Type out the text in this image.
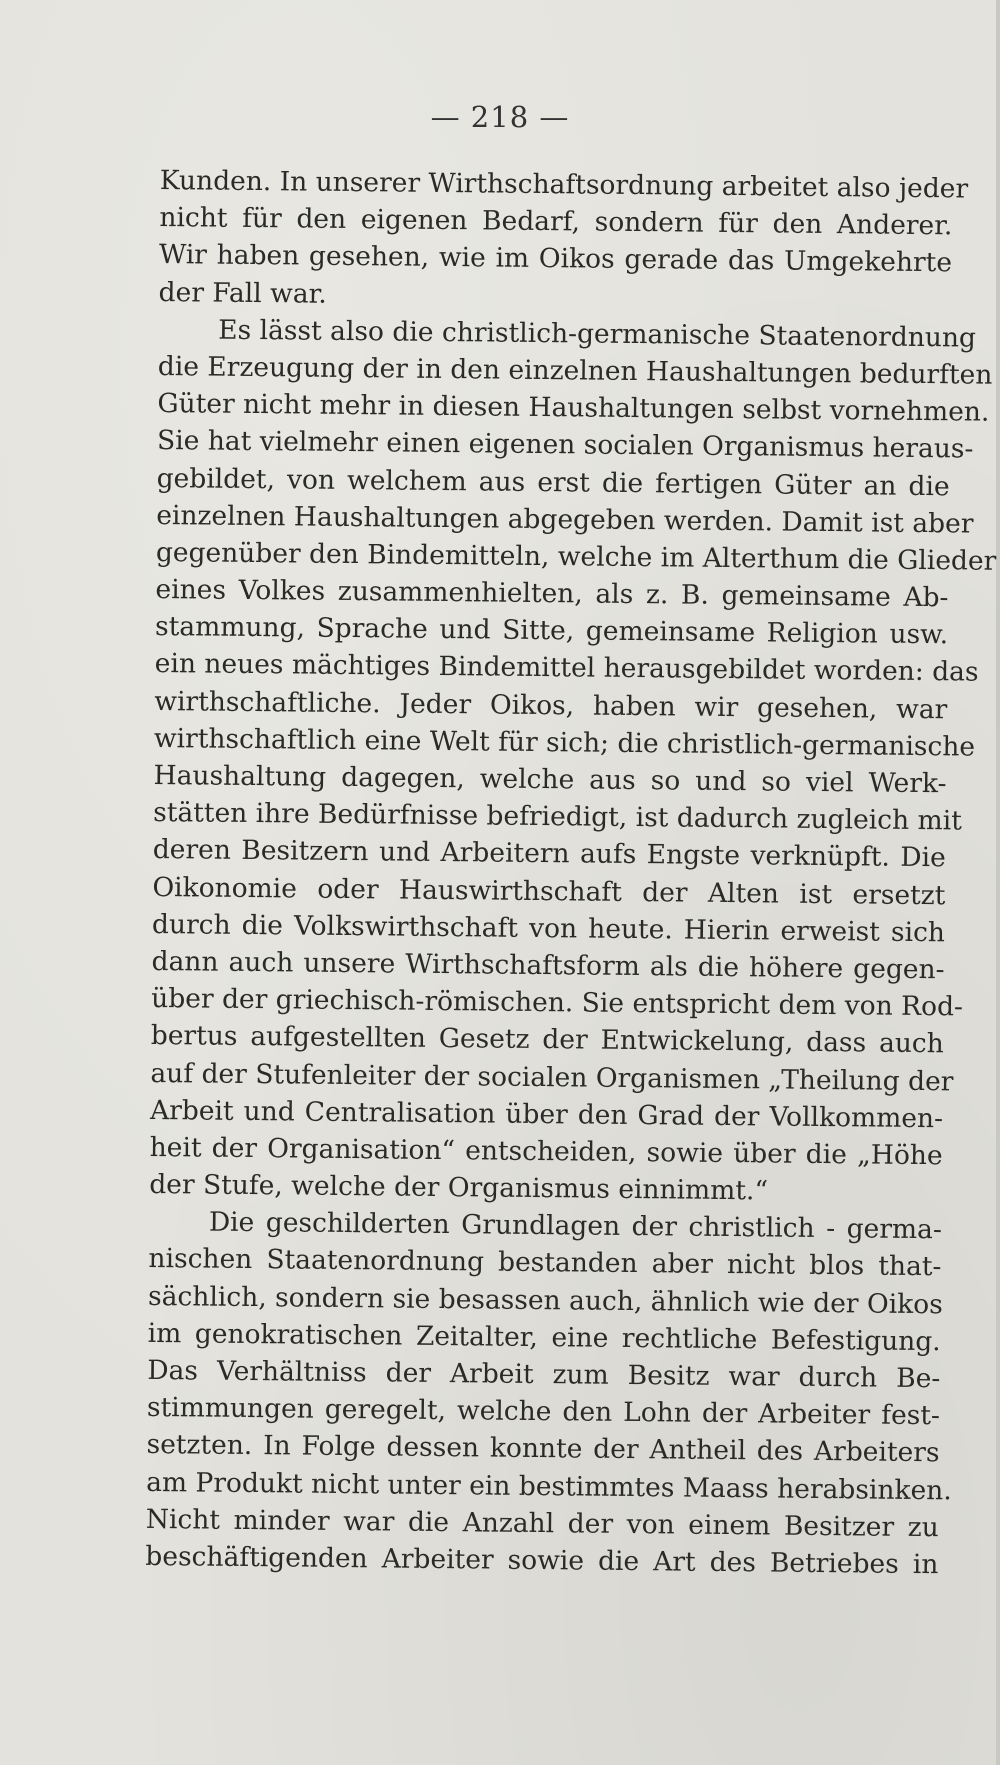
— 218 —
Kunden. In unserer Wirthschaftsordnung arbeitet also jeder
nicht für den eigenen Bedarf, sondern für den Anderer.
Wir haben gesehen, wie im Oikos gerade das Umgekehrte
der Fall war.
Es lässt also die christlich-germanische Staatenordnung
die Erzeugung der in den einzelnen Haushaltungen bedurften
Güter nicht mehr in diesen Haushaltungen selbst vornehmen.
Sie hat vielmehr einen eigenen socialen Organismus heraus-
gebildet, von welchem aus erst die fertigen Güter an die
einzelnen Haushaltungen abgegeben werden. Damit ist aber
gegenüber den Bindemitteln, welche im Alterthum die Glieder
eines Volkes zusammenhielten, als z. B. gemeinsame Ab-
stammung, Sprache und Sitte, gemeinsame Religion usw.
ein neues mächtiges Bindemittel herausgebildet worden: das
wirthschaftliche. Jeder Oikos, haben wir gesehen, war
wirthschaftlich eine Welt für sich; die christlich-germanische
Haushaltung dagegen, welche aus so und so viel Werk-
stätten ihre Bedürfnisse befriedigt, ist dadurch zugleich mit
deren Besitzern und Arbeitern aufs Engste verknüpft. Die
Oikonomie oder Hauswirthschaft der Alten ist ersetzt
durch die Volkswirthschaft von heute. Hierin erweist sich
dann auch unsere Wirthschaftsform als die höhere gegen-
über der griechisch-römischen. Sie entspricht dem von Rod-
bertus aufgestellten Gesetz der Entwickelung, dass auch
auf der Stufenleiter der socialen Organismen „Theilung der
Arbeit und Centralisation über den Grad der Vollkommen-
heit der Organisation“ entscheiden, sowie über die „Höhe
der Stufe, welche der Organismus einnimmt.“
Die geschilderten Grundlagen der christlich - germa-
nischen Staatenordnung bestanden aber nicht blos that-
sächlich, sondern sie besassen auch, ähnlich wie der Oikos
im genokratischen Zeitalter, eine rechtliche Befestigung.
Das Verhältniss der Arbeit zum Besitz war durch Be-
stimmungen geregelt, welche den Lohn der Arbeiter fest-
setzten. In Folge dessen konnte der Antheil des Arbeiters
am Produkt nicht unter ein bestimmtes Maass herabsinken.
Nicht minder war die Anzahl der von einem Besitzer zu
beschäftigenden Arbeiter sowie die Art des Betriebes in
